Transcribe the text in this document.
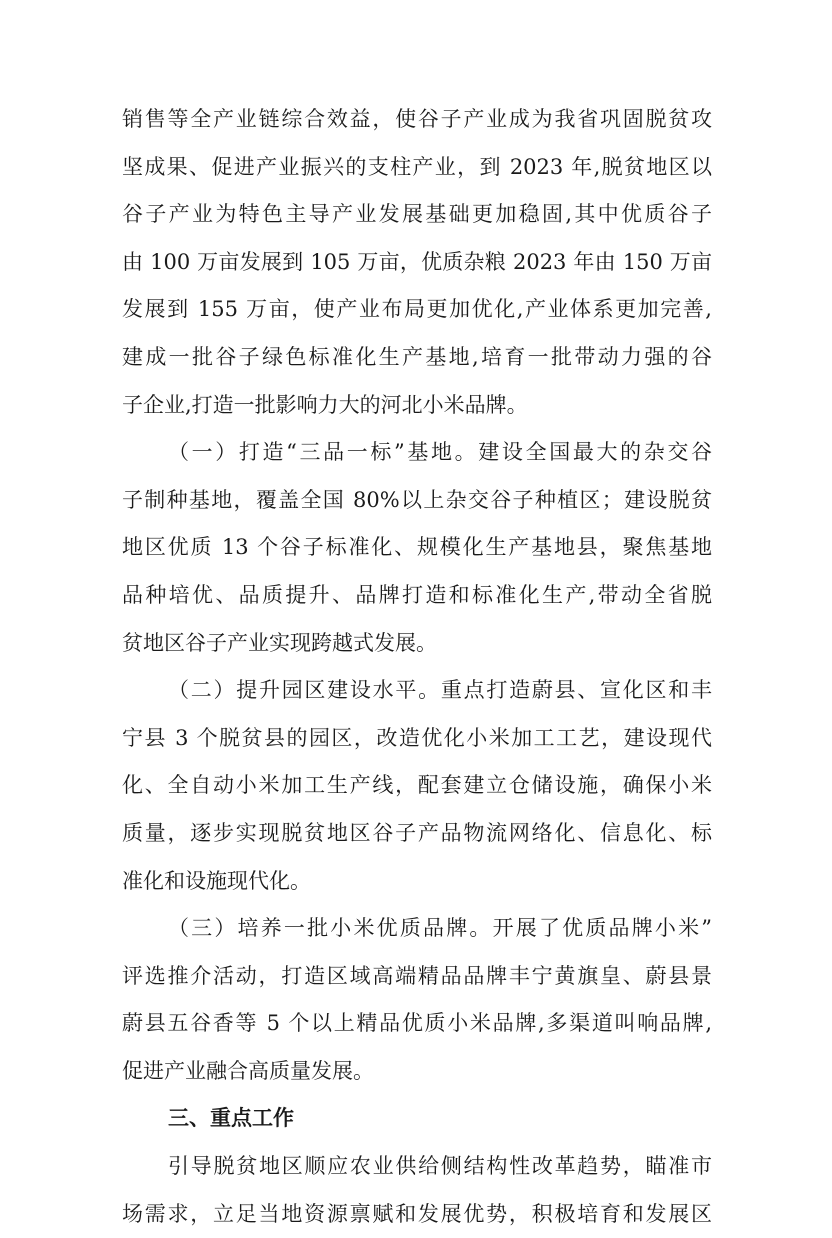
销售等全产业链综合效益，使谷子产业成为我省巩固脱贫攻
坚成果、促进产业振兴的支柱产业，到 2023 年,脱贫地区以
谷子产业为特色主导产业发展基础更加稳固,其中优质谷子
由 100 万亩发展到 105 万亩，优质杂粮 2023 年由 150 万亩
发展到 155 万亩，使产业布局更加优化,产业体系更加完善,
建成一批谷子绿色标准化生产基地,培育一批带动力强的谷
子企业,打造一批影响力大的河北小米品牌。
（一）打造“三品一标”基地。建设全国最大的杂交谷
子制种基地，覆盖全国 80%以上杂交谷子种植区；建设脱贫
地区优质 13 个谷子标准化、规模化生产基地县，聚焦基地
品种培优、品质提升、品牌打造和标准化生产,带动全省脱
贫地区谷子产业实现跨越式发展。
（二）提升园区建设水平。重点打造蔚县、宣化区和丰
宁县 3 个脱贫县的园区，改造优化小米加工工艺，建设现代
化、全自动小米加工生产线，配套建立仓储设施，确保小米
质量，逐步实现脱贫地区谷子产品物流网络化、信息化、标
准化和设施现代化。
（三）培养一批小米优质品牌。开展了优质品牌小米”
评选推介活动，打造区域高端精品品牌丰宁黄旗皇、蔚县景
蔚县五谷香等 5 个以上精品优质小米品牌,多渠道叫响品牌,
促进产业融合高质量发展。
三、重点工作
引导脱贫地区顺应农业供给侧结构性改革趋势，瞄准市
场需求，立足当地资源禀赋和发展优势，积极培育和发展区
